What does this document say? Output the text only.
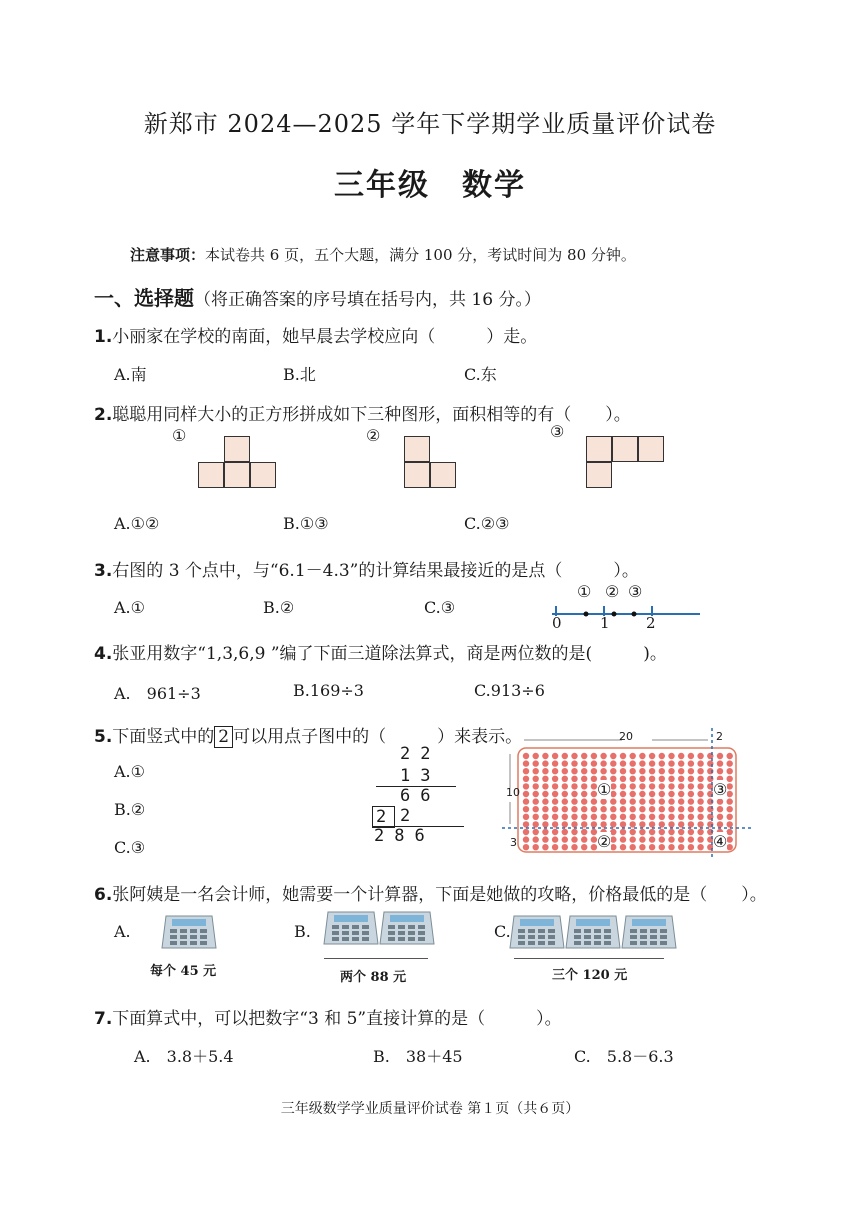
新郑市 2024—2025 学年下学期学业质量评价试卷
三年级　数学
注意事项：本试卷共 6 页，五个大题，满分 100 分，考试时间为 80 分钟。
一、选择题（将正确答案的序号填在括号内，共 16 分。）
1.小丽家在学校的南面，她早晨去学校应向（　　　）走。
A.南	B.北	C.东
2.聪聪用同样大小的正方形拼成如下三种图形，面积相等的有（　　）。
①	②	③
A.①②	B.①③	C.②③
3.右图的 3 个点中，与“6.1－4.3”的计算结果最接近的是点（　　　）。
A.①	B.②	C.③
① ② ③
0	1 2
4.张亚用数字“1,3,6,9 ”编了下面三道除法算式，商是两位数的是(　　　)。
A.　961÷3	B.169÷3	C.913÷6
5.下面竖式中的 2 可以用点子图中的（　　　）来表示。
A.①
B.②
C.③
22
13
66
2 2
286
20	2
10
3
①
②
③
④
6.张阿姨是一名会计师，她需要一个计算器，下面是她做的攻略，价格最低的是（　　）。
A.	B.	C.
每个 45 元	两个 88 元	三个 120 元
7.下面算式中，可以把数字“3 和 5”直接计算的是（　　　）。
A.　3.8＋5.4	B.　38＋45	C.　5.8－6.3
三年级数学学业质量评价试卷 第１页（共６页）
